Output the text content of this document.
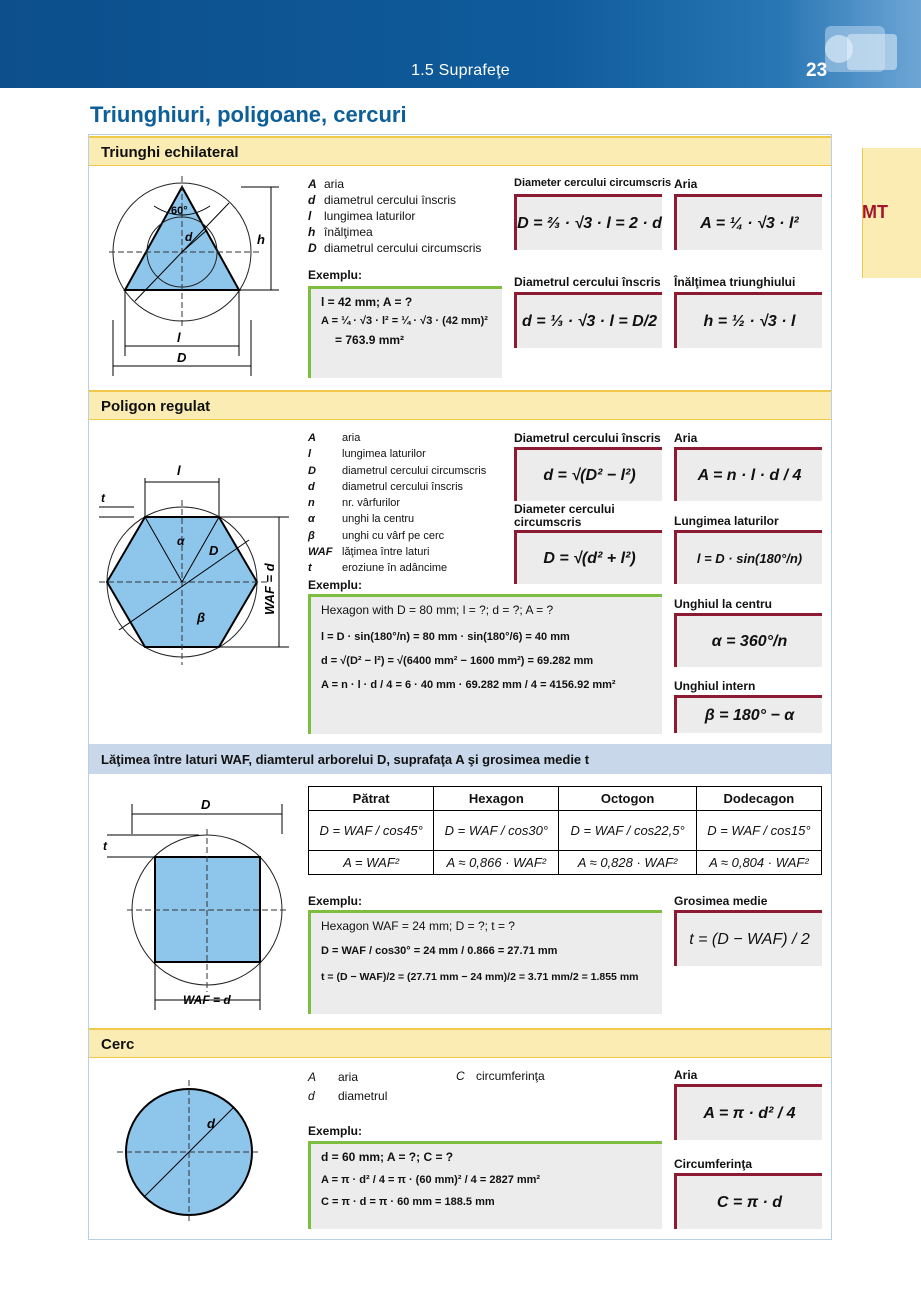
1.5 Suprafeţe	23
Triunghiuri, poligoane, cercuri
MT
Triunghi echilateral
d
60°
h
l
D
A aria
d diametrul cercului înscris
l lungimea laturilor
h înălţimea
D diametrul cercului circumscris
Exemplu:
l = 42 mm; A = ?
A = ¼ · √3 · l² = ¼ · √3 · (42 mm)²
= 763.9 mm²
Diameter cercului circumscris
D = ⅔ · √3 · l = 2 · d
Aria
A = ¼ · √3 · l²
Diametrul cercului înscris
d = ⅓ · √3 · l = D/2
Înălţimea triunghiului
h = ½ · √3 · l
Poligon regulat
α
D
β
l
t
WAF = d
A aria
l	lungimea laturilor
D diametrul cercului circumscris
d diametrul cercului înscris
n nr. vârfurilor
α unghi la centru
β unghi cu vârf pe cerc
WAF lăţimea între laturi
t	eroziune în adâncime
Exemplu:
Hexagon with D = 80 mm; l = ?; d = ?; A = ?
l = D · sin(180°/n) = 80 mm · sin(180°/6) = 40 mm
d = √(D² − l²) = √(6400 mm² − 1600 mm²) = 69.282 mm
A = n · l · d / 4 = 6 · 40 mm · 69.282 mm / 4 = 4156.92 mm²
Diametrul cercului înscris
d = √(D² − l²)
Diameter cercului circumscris
D = √(d² + l²)
Aria
A = n · l · d / 4
Lungimea laturilor
l = D · sin(180°/n)
Unghiul la centru
α = 360°/n
Unghiul intern
β = 180° − α
Lăţimea între laturi WAF, diamterul arborelui D, suprafaţa A şi grosimea medie t
D
t
WAF = d
Pătrat	Hexagon	Octogon	Dodecagon
D = WAF / cos45°	D = WAF / cos30°	D = WAF / cos22,5°	D = WAF / cos15°
A = WAF²	A ≈ 0,866 · WAF²	A ≈ 0,828 · WAF²	A ≈ 0,804 · WAF²
Exemplu:
Hexagon WAF = 24 mm; D = ?; t = ?
D = WAF / cos30° = 24 mm / 0.866 = 27.71 mm
t = (D − WAF)/2 = (27.71 mm − 24 mm)/2 = 3.71 mm/2 = 1.855 mm
Grosimea medie
t = (D − WAF) / 2
Cerc
d
A aria
d diametrul
C circumferinţa
Exemplu:
d = 60 mm; A = ?; C = ?
A = π · d² / 4 = π · (60 mm)² / 4 = 2827 mm²
C = π · d = π · 60 mm = 188.5 mm
Aria
A = π · d² / 4
Circumferinţa
C = π · d
